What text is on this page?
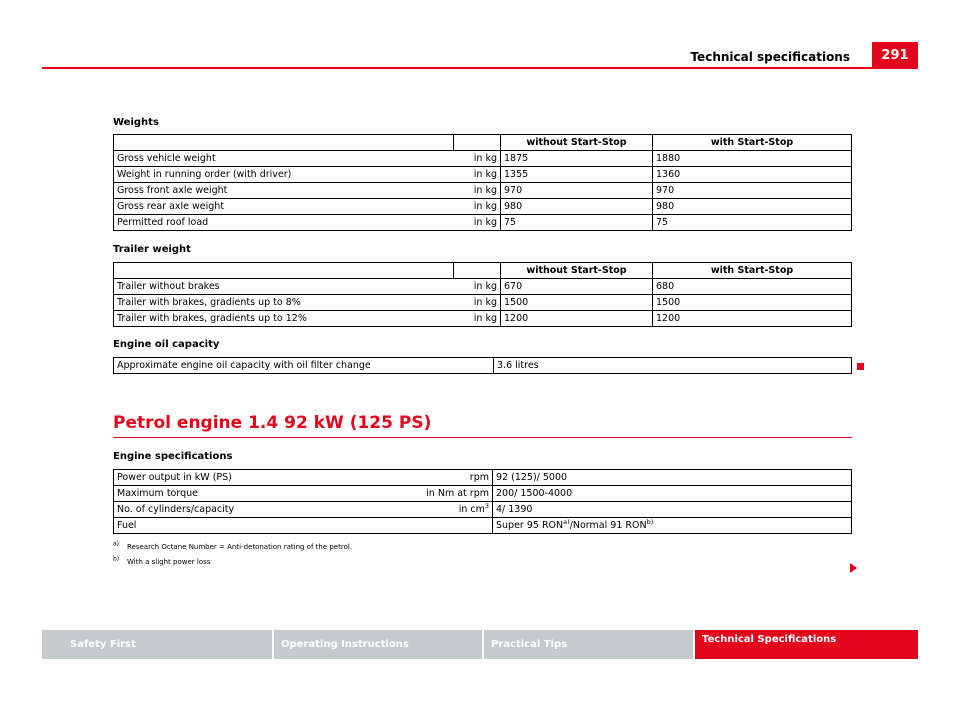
Technical specifications	291
Weights
		without Start-Stop	with Start-Stop
Gross vehicle weight	in kg	1875	1880
Weight in running order (with driver)	in kg	1355	1360
Gross front axle weight	in kg	970	970
Gross rear axle weight	in kg	980	980
Permitted roof load	in kg	75	75
Trailer weight
		without Start-Stop	with Start-Stop
Trailer without brakes	in kg	670	680
Trailer with brakes, gradients up to 8%	in kg	1500	1500
Trailer with brakes, gradients up to 12%	in kg	1200	1200
Engine oil capacity
Approximate engine oil capacity with oil filter change	3.6 litres
Petrol engine 1.4 92 kW (125 PS)
Engine specifications
Power output in kW (PS)	rpm	92 (125)/ 5000
Maximum torque	in Nm at rpm	200/ 1500-4000
No. of cylinders/capacity	in $cm^3$	4/ 1390
Fuel		Super 95 RON$^{a)}$/Normal 91 RON$^{b)}$
$^{a)}$ Research Octane Number = Anti-detonation rating of the petrol.
$^{b)}$ With a slight power loss
Safety First	Operating Instructions	Practical Tips	Technical Specifications
